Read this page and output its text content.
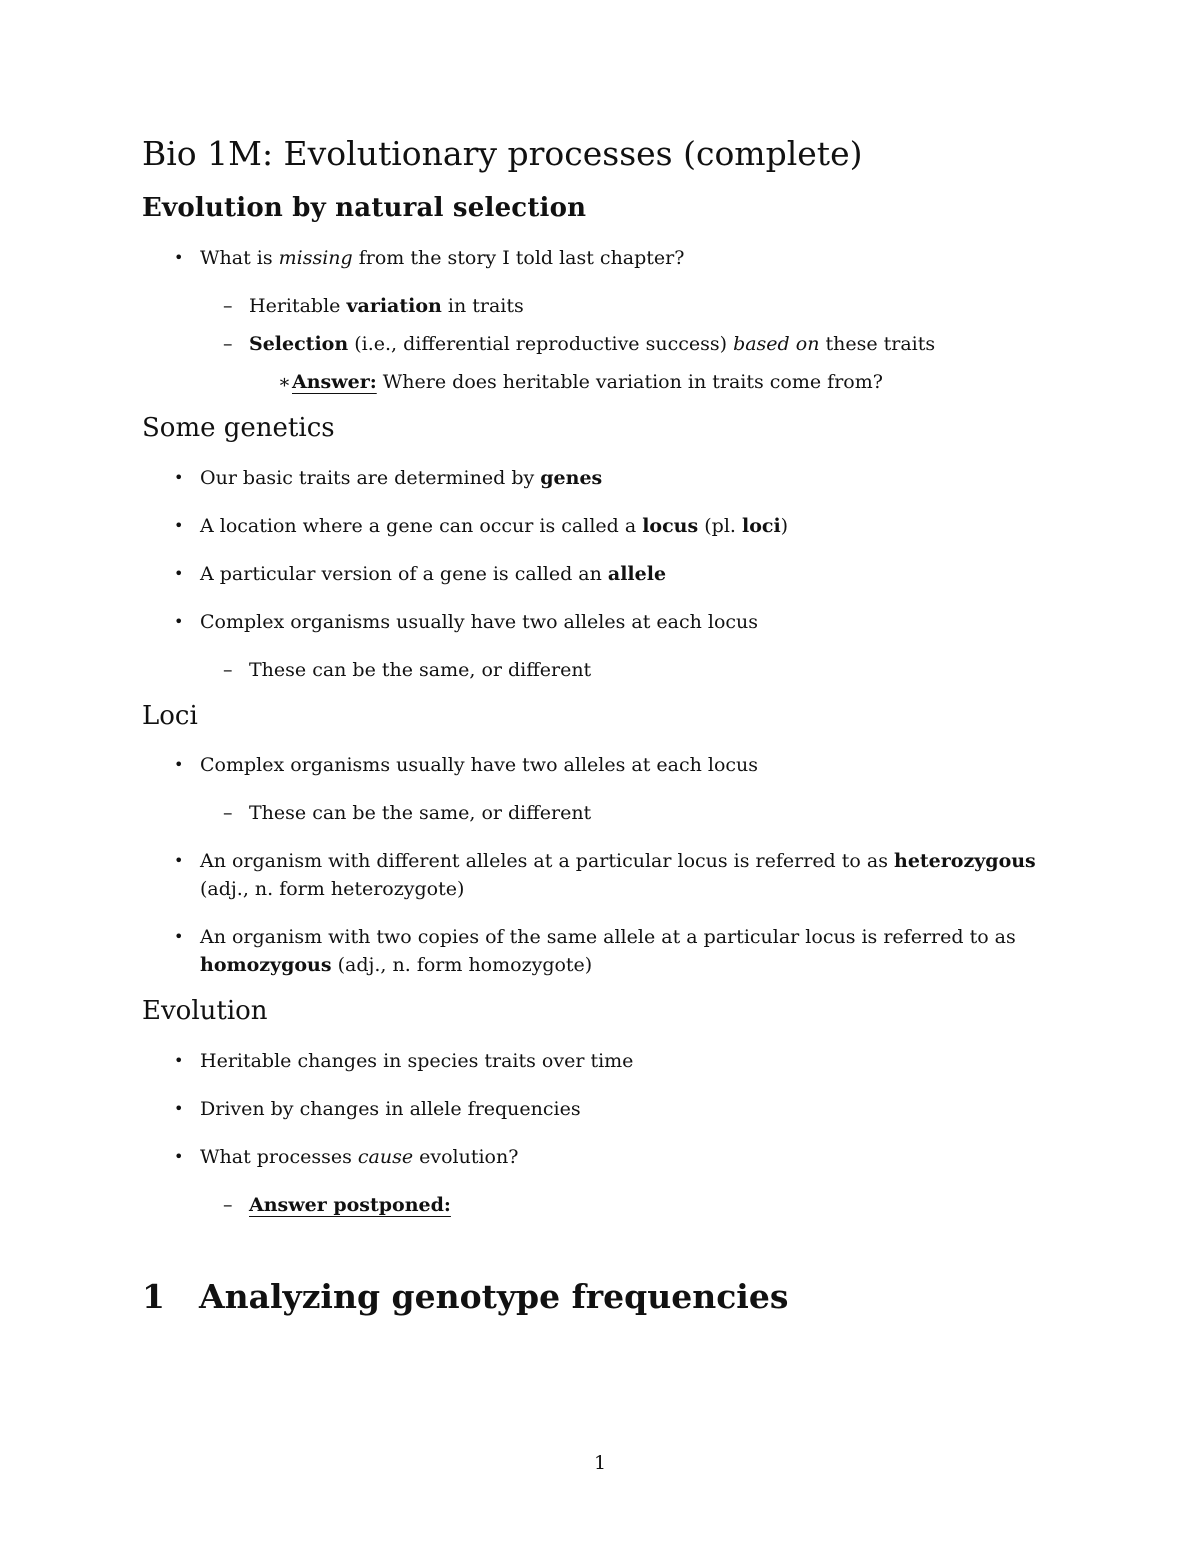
Bio 1M: Evolutionary processes (complete)
Evolution by natural selection
• What is missing from the story I told last chapter?
– Heritable variation in traits
– Selection (i.e., differential reproductive success) based on these traits
∗ Answer: Where does heritable variation in traits come from?
Some genetics
• Our basic traits are determined by genes
• A location where a gene can occur is called a locus (pl. loci)
• A particular version of a gene is called an allele
• Complex organisms usually have two alleles at each locus
– These can be the same, or different
Loci
• Complex organisms usually have two alleles at each locus
– These can be the same, or different
• An organism with different alleles at a particular locus is referred to as heterozygous
(adj., n. form heterozygote)
• An organism with two copies of the same allele at a particular locus is referred to as
homozygous (adj., n. form homozygote)
Evolution
• Heritable changes in species traits over time
• Driven by changes in allele frequencies
• What processes cause evolution?
– Answer postponed:
1 Analyzing genotype frequencies
1
